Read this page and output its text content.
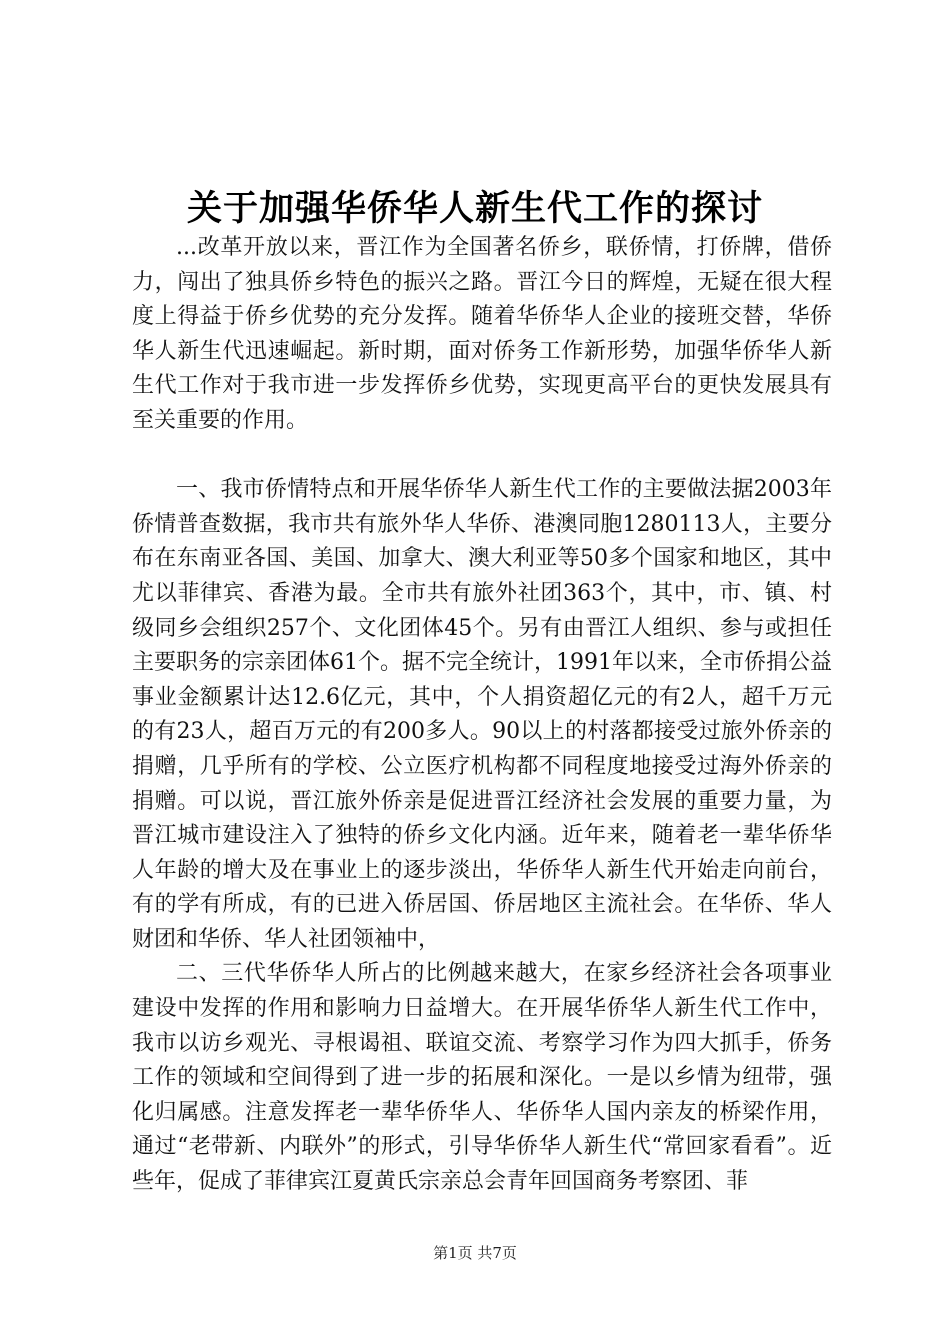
关于加强华侨华人新生代工作的探讨

...改革开放以来，晋江作为全国著名侨乡，联侨情，打侨牌，借侨力，闯出了独具侨乡特色的振兴之路。晋江今日的辉煌，无疑在很大程度上得益于侨乡优势的充分发挥。随着华侨华人企业的接班交替，华侨华人新生代迅速崛起。新时期，面对侨务工作新形势，加强华侨华人新生代工作对于我市进一步发挥侨乡优势，实现更高平台的更快发展具有至关重要的作用。

一、我市侨情特点和开展华侨华人新生代工作的主要做法据2003年侨情普查数据，我市共有旅外华人华侨、港澳同胞1280113人，主要分布在东南亚各国、美国、加拿大、澳大利亚等50多个国家和地区，其中尤以菲律宾、香港为最。全市共有旅外社团363个，其中，市、镇、村级同乡会组织257个、文化团体45个。另有由晋江人组织、参与或担任主要职务的宗亲团体61个。据不完全统计，1991年以来，全市侨捐公益事业金额累计达12.6亿元，其中，个人捐资超亿元的有2人，超千万元的有23人，超百万元的有200多人。90以上的村落都接受过旅外侨亲的捐赠，几乎所有的学校、公立医疗机构都不同程度地接受过海外侨亲的捐赠。可以说，晋江旅外侨亲是促进晋江经济社会发展的重要力量，为晋江城市建设注入了独特的侨乡文化内涵。近年来，随着老一辈华侨华人年龄的增大及在事业上的逐步淡出，华侨华人新生代开始走向前台，有的学有所成，有的已进入侨居国、侨居地区主流社会。在华侨、华人财团和华侨、华人社团领袖中，

二、三代华侨华人所占的比例越来越大，在家乡经济社会各项事业建设中发挥的作用和影响力日益增大。在开展华侨华人新生代工作中，我市以访乡观光、寻根谒祖、联谊交流、考察学习作为四大抓手，侨务工作的领域和空间得到了进一步的拓展和深化。一是以乡情为纽带，强化归属感。注意发挥老一辈华侨华人、华侨华人国内亲友的桥梁作用，通过“老带新、内联外”的形式，引导华侨华人新生代“常回家看看”。近些年，促成了菲律宾江夏黄氏宗亲总会青年回国商务考察团、菲

第1页 共7页
